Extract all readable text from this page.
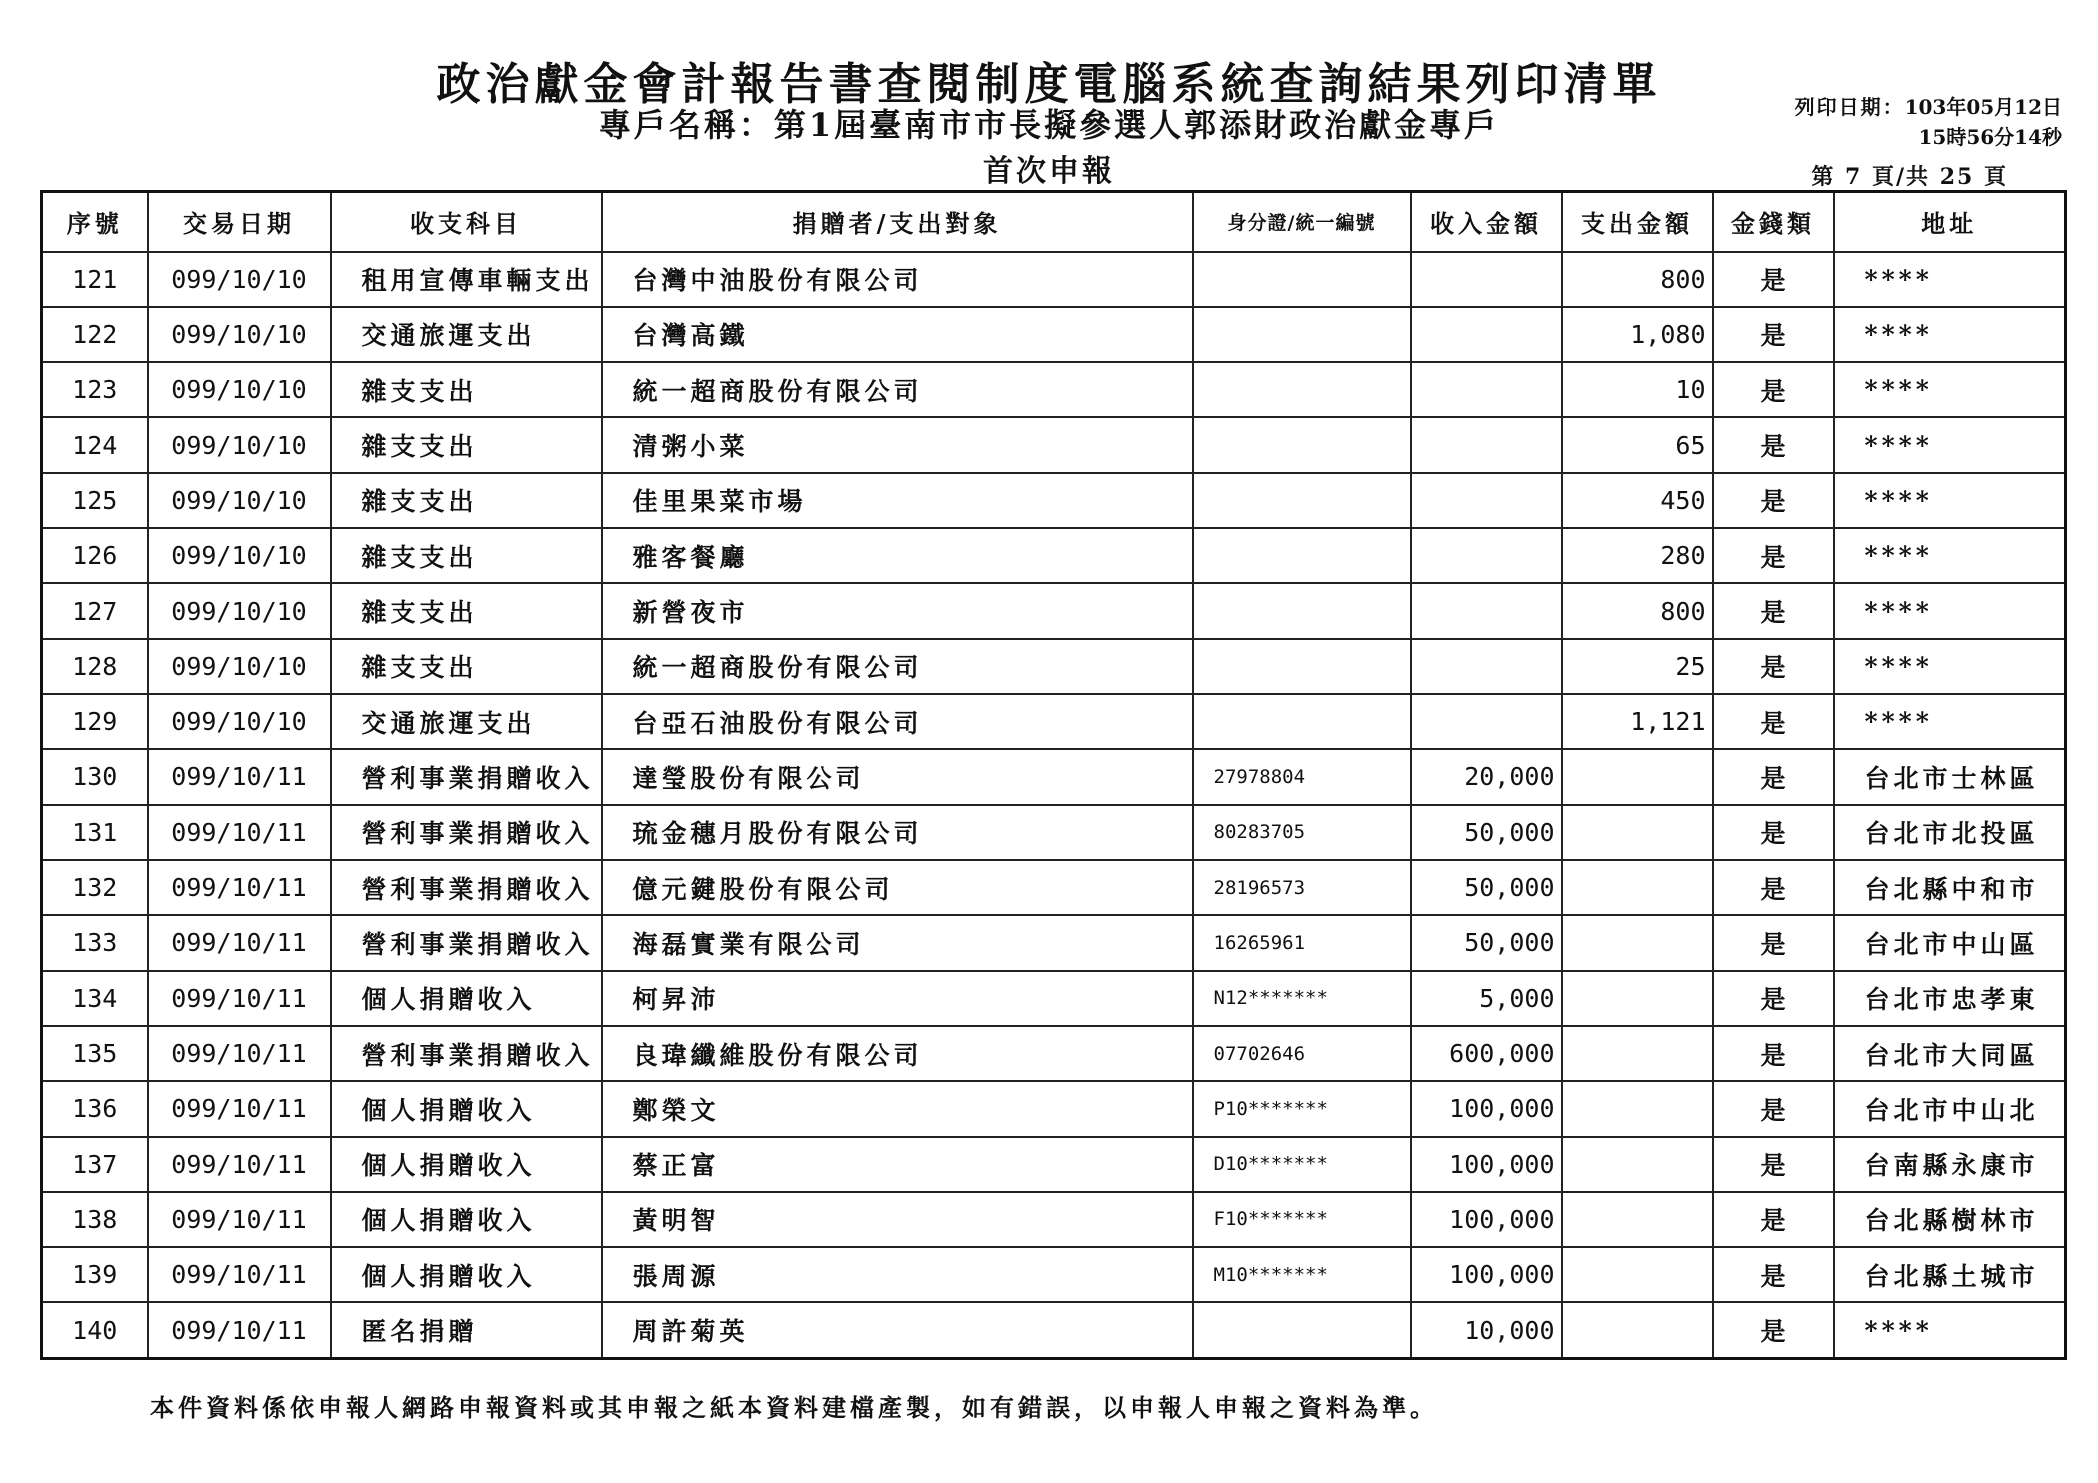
政治獻金會計報告書查閱制度電腦系統查詢結果列印清單
專戶名稱：第1屆臺南市市長擬參選人郭添財政治獻金專戶
首次申報
列印日期：103年05月12日
15時56分14秒
第 7 頁/共 25 頁
序號	交易日期	收支科目	捐贈者/支出對象	身分證/統一編號	收入金額	支出金額	金錢類	地址
121	099/10/10	租用宣傳車輛支出	台灣中油股份有限公司			800	是	****
122	099/10/10	交通旅運支出	台灣高鐵			1,080	是	****
123	099/10/10	雜支支出	統一超商股份有限公司			10	是	****
124	099/10/10	雜支支出	清粥小菜			65	是	****
125	099/10/10	雜支支出	佳里果菜市場			450	是	****
126	099/10/10	雜支支出	雅客餐廳			280	是	****
127	099/10/10	雜支支出	新營夜市			800	是	****
128	099/10/10	雜支支出	統一超商股份有限公司			25	是	****
129	099/10/10	交通旅運支出	台亞石油股份有限公司			1,121	是	****
130	099/10/11	營利事業捐贈收入	達瑩股份有限公司	27978804	20,000		是	台北市士林區
131	099/10/11	營利事業捐贈收入	琉金穗月股份有限公司	80283705	50,000		是	台北市北投區
132	099/10/11	營利事業捐贈收入	億元鍵股份有限公司	28196573	50,000		是	台北縣中和市
133	099/10/11	營利事業捐贈收入	海磊實業有限公司	16265961	50,000		是	台北市中山區
134	099/10/11	個人捐贈收入	柯昇沛	N12*******	5,000		是	台北市忠孝東
135	099/10/11	營利事業捐贈收入	良瑋纖維股份有限公司	07702646	600,000		是	台北市大同區
136	099/10/11	個人捐贈收入	鄭榮文	P10*******	100,000		是	台北市中山北
137	099/10/11	個人捐贈收入	蔡正富	D10*******	100,000		是	台南縣永康市
138	099/10/11	個人捐贈收入	黃明智	F10*******	100,000		是	台北縣樹林市
139	099/10/11	個人捐贈收入	張周源	M10*******	100,000		是	台北縣土城市
140	099/10/11	匿名捐贈	周許菊英		10,000		是	****
本件資料係依申報人網路申報資料或其申報之紙本資料建檔產製，如有錯誤，以申報人申報之資料為準。
